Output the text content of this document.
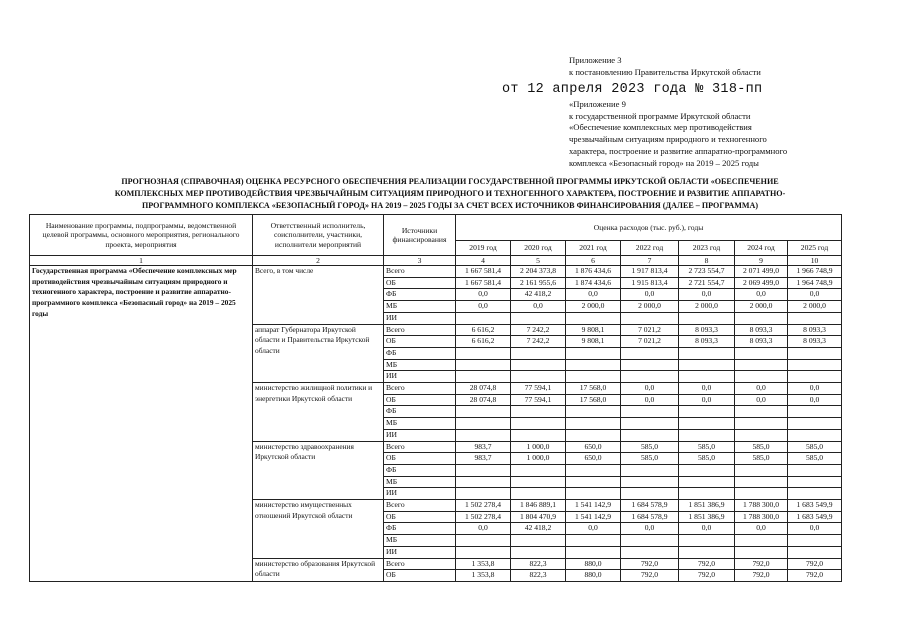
Приложение 3
к постановлению Правительства Иркутской области
от 12 апреля 2023 года № 318-пп
«Приложение 9
к государственной программе Иркутской области
«Обеспечение комплексных мер противодействия
чрезвычайным ситуациям природного и техногенного
характера, построение и развитие аппаратно-программного
комплекса «Безопасный город» на 2019 – 2025 годы
ПРОГНОЗНАЯ (СПРАВОЧНАЯ) ОЦЕНКА РЕСУРСНОГО ОБЕСПЕЧЕНИЯ РЕАЛИЗАЦИИ ГОСУДАРСТВЕННОЙ ПРОГРАММЫ ИРКУТСКОЙ ОБЛАСТИ «ОБЕСПЕЧЕНИЕ
КОМПЛЕКСНЫХ МЕР ПРОТИВОДЕЙСТВИЯ ЧРЕЗВЫЧАЙНЫМ СИТУАЦИЯМ ПРИРОДНОГО И ТЕХНОГЕННОГО ХАРАКТЕРА, ПОСТРОЕНИЕ И РАЗВИТИЕ АППАРАТНО-
ПРОГРАММНОГО КОМПЛЕКСА «БЕЗОПАСНЫЙ ГОРОД» НА 2019 – 2025 ГОДЫ ЗА СЧЕТ ВСЕХ ИСТОЧНИКОВ ФИНАНСИРОВАНИЯ (ДАЛЕЕ – ПРОГРАММА)
Наименование программы, подпрограммы, ведомственной целевой программы, основного мероприятия, регионального проекта, мероприятия	Ответственный исполнитель, соисполнители, участники, исполнители мероприятий	Источники финансирования	Оценка расходов (тыс. руб.), годы						
			2019 год	2020 год	2021 год	2022 год	2023 год	2024 год	2025 год
1	2	3	4	5	6	7	8	9	10
Государственная программа «Обеспечение комплексных мер противодействия чрезвычайным ситуациям природного и техногенного характера, построение и развитие аппаратно-программного комплекса «Безопасный город» на 2019 – 2025 годы	Всего, в том числе	Всего	1 667 581,4	2 204 373,8	1 876 434,6	1 917 813,4	2 723 554,7	2 071 499,0	1 966 748,9
		ОБ	1 667 581,4	2 161 955,6	1 874 434,6	1 915 813,4	2 721 554,7	2 069 499,0	1 964 748,9
		ФБ	0,0	42 418,2	0,0	0,0	0,0	0,0	0,0
		МБ	0,0	0,0	2 000,0	2 000,0	2 000,0	2 000,0	2 000,0
		ИИ							
	аппарат Губернатора Иркутской области и Правительства Иркутской области	Всего	6 616,2	7 242,2	9 808,1	7 021,2	8 093,3	8 093,3	8 093,3
		ОБ	6 616,2	7 242,2	9 808,1	7 021,2	8 093,3	8 093,3	8 093,3
		ФБ							
		МБ							
		ИИ							
	министерство жилищной политики и энергетики Иркутской области	Всего	28 074,8	77 594,1	17 568,0	0,0	0,0	0,0	0,0
		ОБ	28 074,8	77 594,1	17 568,0	0,0	0,0	0,0	0,0
		ФБ							
		МБ							
		ИИ							
	министерство здравоохранения Иркутской области	Всего	983,7	1 000,0	650,0	585,0	585,0	585,0	585,0
		ОБ	983,7	1 000,0	650,0	585,0	585,0	585,0	585,0
		ФБ							
		МБ							
		ИИ							
	министерство имущественных отношений Иркутской области	Всего	1 502 278,4	1 846 889,1	1 541 142,9	1 684 578,9	1 851 386,9	1 788 300,0	1 683 549,9
		ОБ	1 502 278,4	1 804 470,9	1 541 142,9	1 684 578,9	1 851 386,9	1 788 300,0	1 683 549,9
		ФБ	0,0	42 418,2	0,0	0,0	0,0	0,0	0,0
		МБ							
		ИИ							
	министерство образования Иркутской области	Всего	1 353,8	822,3	880,0	792,0	792,0	792,0	792,0
		ОБ	1 353,8	822,3	880,0	792,0	792,0	792,0	792,0
